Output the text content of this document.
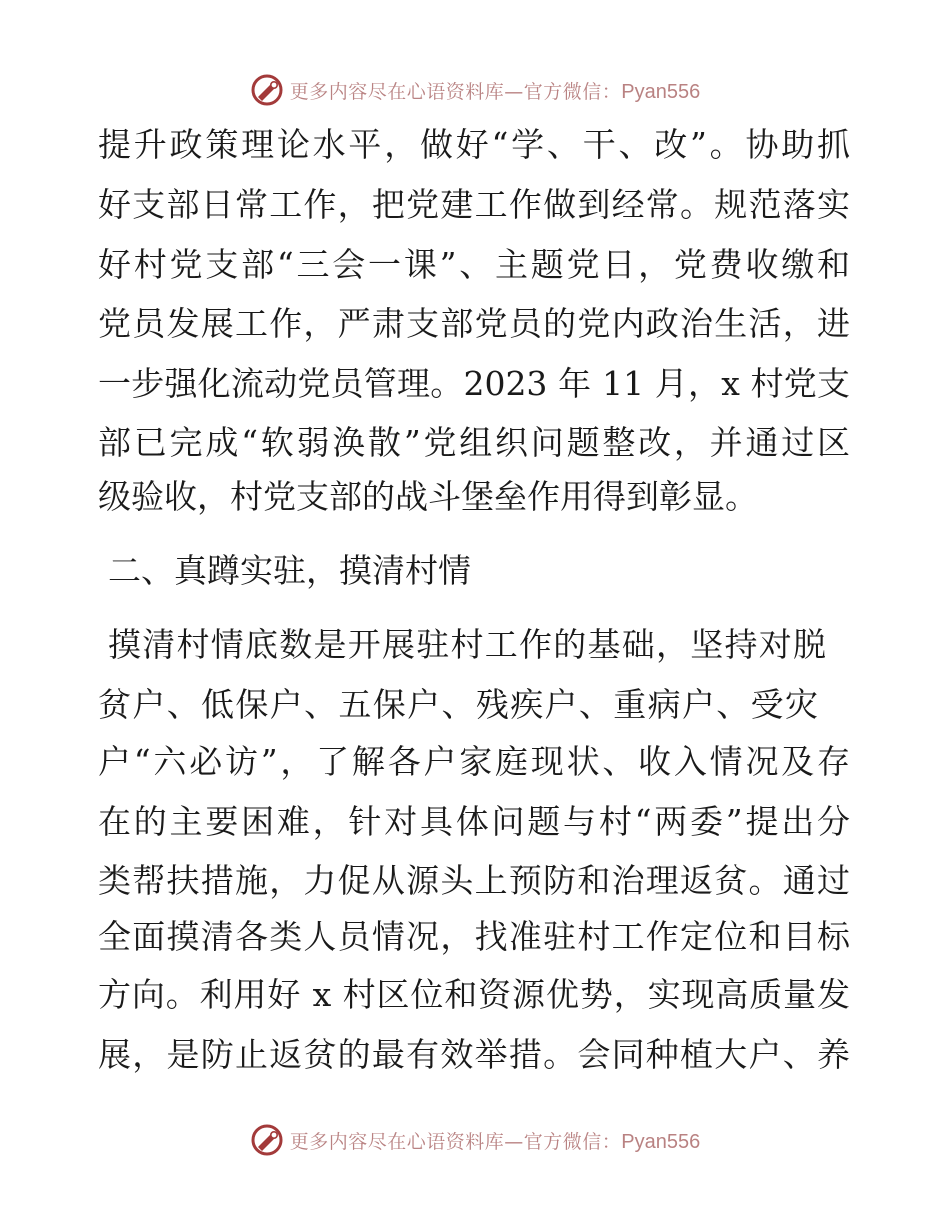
更多内容尽在心语资料库—官方微信：Pyan556
提升政策理论水平，做好“学、干、改”。协助抓
好支部日常工作，把党建工作做到经常。规范落实
好村党支部“三会一课”、主题党日，党费收缴和
党员发展工作，严肃支部党员的党内政治生活，进
一步强化流动党员管理。2023 年 11 月，x 村党支
部已完成“软弱涣散”党组织问题整改，并通过区
级验收，村党支部的战斗堡垒作用得到彰显。
二、真蹲实驻，摸清村情
摸清村情底数是开展驻村工作的基础，坚持对脱
贫户、低保户、五保户、残疾户、重病户、受灾
户“六必访”，了解各户家庭现状、收入情况及存
在的主要困难，针对具体问题与村“两委”提出分
类帮扶措施，力促从源头上预防和治理返贫。通过
全面摸清各类人员情况，找准驻村工作定位和目标
方向。利用好 x 村区位和资源优势，实现高质量发
展，是防止返贫的最有效举措。会同种植大户、养
更多内容尽在心语资料库—官方微信：Pyan556
